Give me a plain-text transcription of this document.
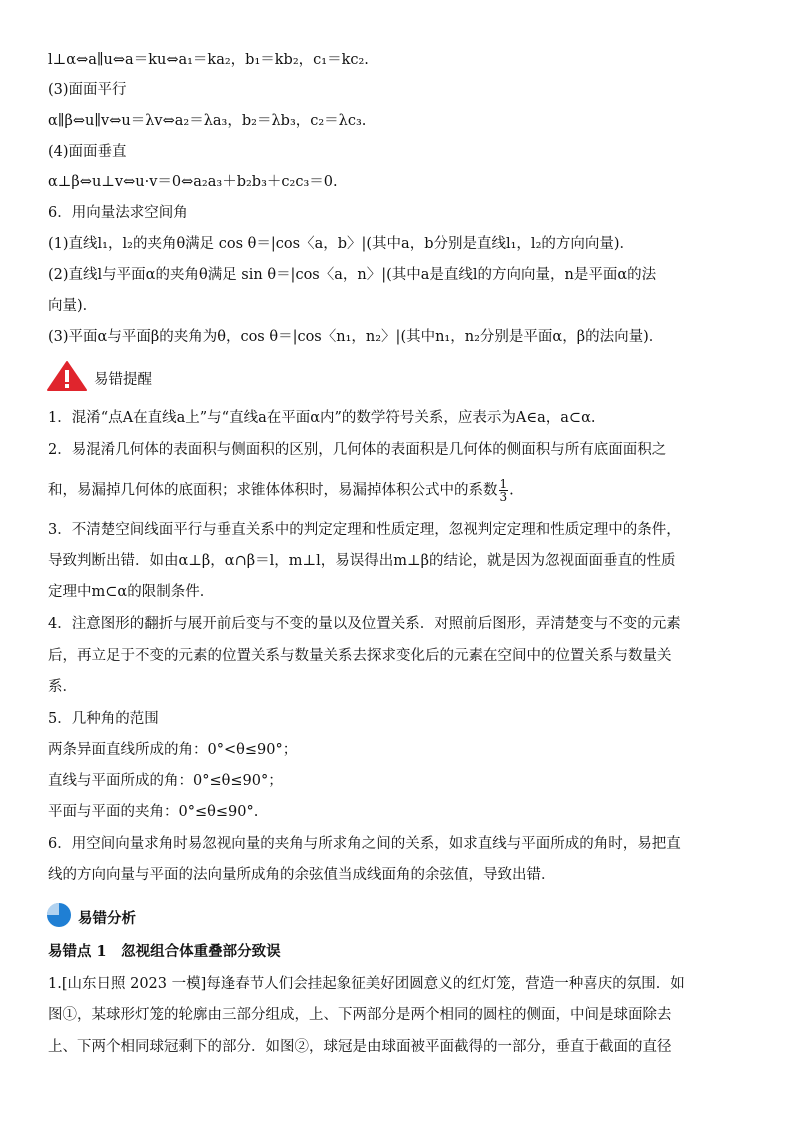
l⊥α⇔a∥u⇔a＝ku⇔a₁＝ka₂，b₁＝kb₂，c₁＝kc₂.
(3)面面平行
α∥β⇔u∥v⇔u＝λv⇔a₂＝λa₃，b₂＝λb₃，c₂＝λc₃.
(4)面面垂直
α⊥β⇔u⊥v⇔u·v＝0⇔a₂a₃＋b₂b₃＋c₂c₃＝0.
6．用向量法求空间角
(1)直线l₁，l₂的夹角θ满足 cos θ＝|cos〈a，b〉|(其中a，b分别是直线l₁，l₂的方向向量)．
(2)直线l与平面α的夹角θ满足 sin θ＝|cos〈a，n〉|(其中a是直线l的方向向量，n是平面α的法
向量)．
(3)平面α与平面β的夹角为θ，cos θ＝|cos〈n₁，n₂〉|(其中n₁，n₂分别是平面α，β的法向量)．
易错提醒
1．混淆“点A在直线a上”与“直线a在平面α内”的数学符号关系，应表示为A∈a，a⊂α.
2．易混淆几何体的表面积与侧面积的区别，几何体的表面积是几何体的侧面积与所有底面面积之
和，易漏掉几何体的底面积；求锥体体积时，易漏掉体积公式中的系数 $\frac{1}{3}$ .
3．不清楚空间线面平行与垂直关系中的判定定理和性质定理，忽视判定定理和性质定理中的条件，
导致判断出错．如由α⊥β，α∩β＝l，m⊥l，易误得出m⊥β的结论，就是因为忽视面面垂直的性质
定理中m⊂α的限制条件．
4．注意图形的翻折与展开前后变与不变的量以及位置关系．对照前后图形，弄清楚变与不变的元素
后，再立足于不变的元素的位置关系与数量关系去探求变化后的元素在空间中的位置关系与数量关
系．
5．几种角的范围
两条异面直线所成的角：0°<θ≤90°；
直线与平面所成的角：0°≤θ≤90°；
平面与平面的夹角：0°≤θ≤90°.
6．用空间向量求角时易忽视向量的夹角与所求角之间的关系，如求直线与平面所成的角时，易把直
线的方向向量与平面的法向量所成角的余弦值当成线面角的余弦值，导致出错．
易错分析
易错点 1　忽视组合体重叠部分致误
1.[山东日照 2023 一模]每逢春节人们会挂起象征美好团圆意义的红灯笼，营造一种喜庆的氛围．如
图①，某球形灯笼的轮廓由三部分组成，上、下两部分是两个相同的圆柱的侧面，中间是球面除去
上、下两个相同球冠剩下的部分．如图②，球冠是由球面被平面截得的一部分，垂直于截面的直径
